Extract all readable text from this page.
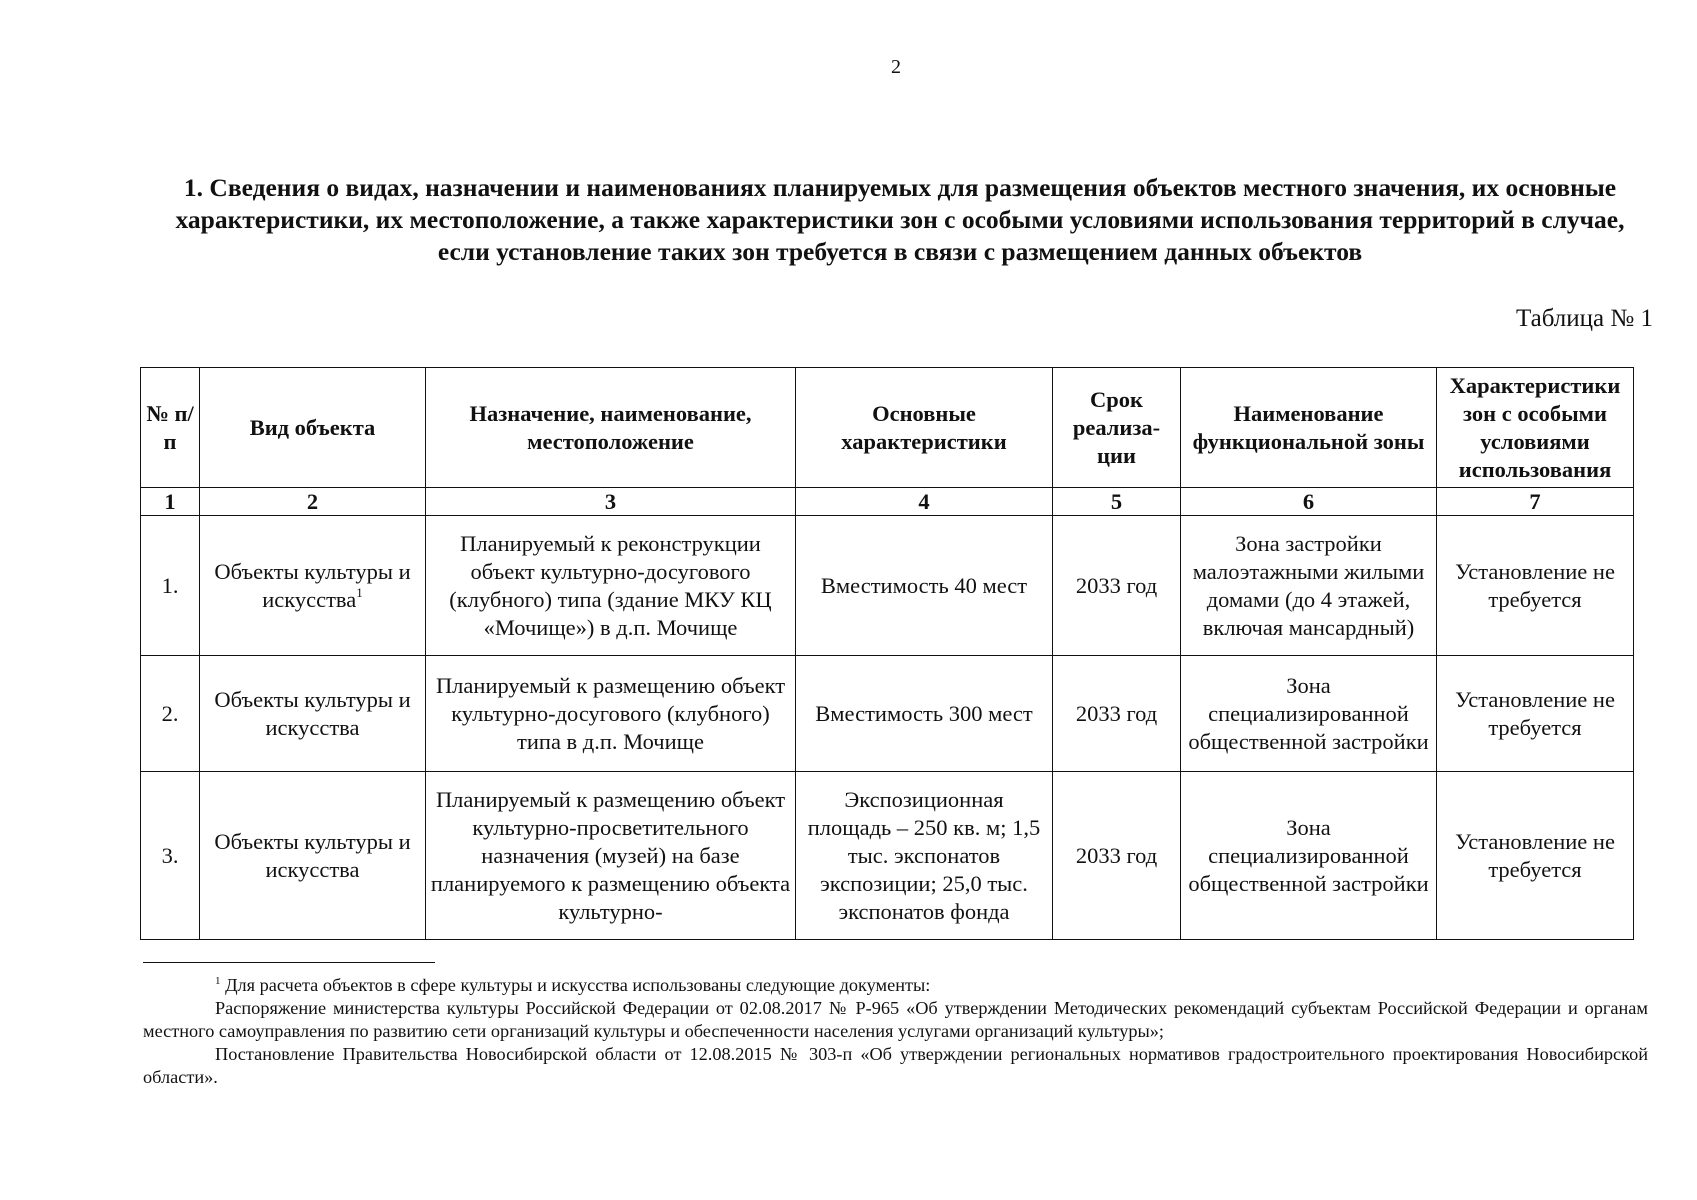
2
1. Сведения о видах, назначении и наименованиях планируемых для размещения объектов местного значения, их основные характеристики, их местоположение, а также характеристики зон с особыми условиями использования территорий в случае, если установление таких зон требуется в связи с размещением данных объектов
Таблица № 1
№ п/п	Вид объекта	Назначение, наименование, местоположение	Основные характеристики	Срок реализа-ции	Наименование функциональной зоны	Характеристики зон с особыми условиями использования
1	2	3	4	5	6	7
1.	Объекты культуры и искусства$^1$	Планируемый к реконструкции объект культурно-досугового (клубного) типа (здание МКУ КЦ «Мочище») в д.п. Мочище	Вместимость 40 мест	2033 год	Зона застройки малоэтажными жилыми домами (до 4 этажей, включая мансардный)	Установление не требуется
2.	Объекты культуры и искусства	Планируемый к размещению объект культурно-досугового (клубного) типа в д.п. Мочище	Вместимость 300 мест	2033 год	Зона специализированной общественной застройки	Установление не требуется
3.	Объекты культуры и искусства	Планируемый к размещению объект культурно-просветительного назначения (музей) на базе планируемого к размещению объекта культурно-	Экспозиционная площадь – 250 кв. м; 1,5 тыс. экспонатов экспозиции; 25,0 тыс. экспонатов фонда	2033 год	Зона специализированной общественной застройки	Установление не требуется

$^1$ Для расчета объектов в сфере культуры и искусства использованы следующие документы:

Распоряжение министерства культуры Российской Федерации от 02.08.2017 № Р-965 «Об утверждении Методических рекомендаций субъектам Российской Федерации и органам местного самоуправления по развитию сети организаций культуры и обеспеченности населения услугами организаций культуры»;

Постановление Правительства Новосибирской области от 12.08.2015 № 303-п «Об утверждении региональных нормативов градостроительного проектирования Новосибирской области».
